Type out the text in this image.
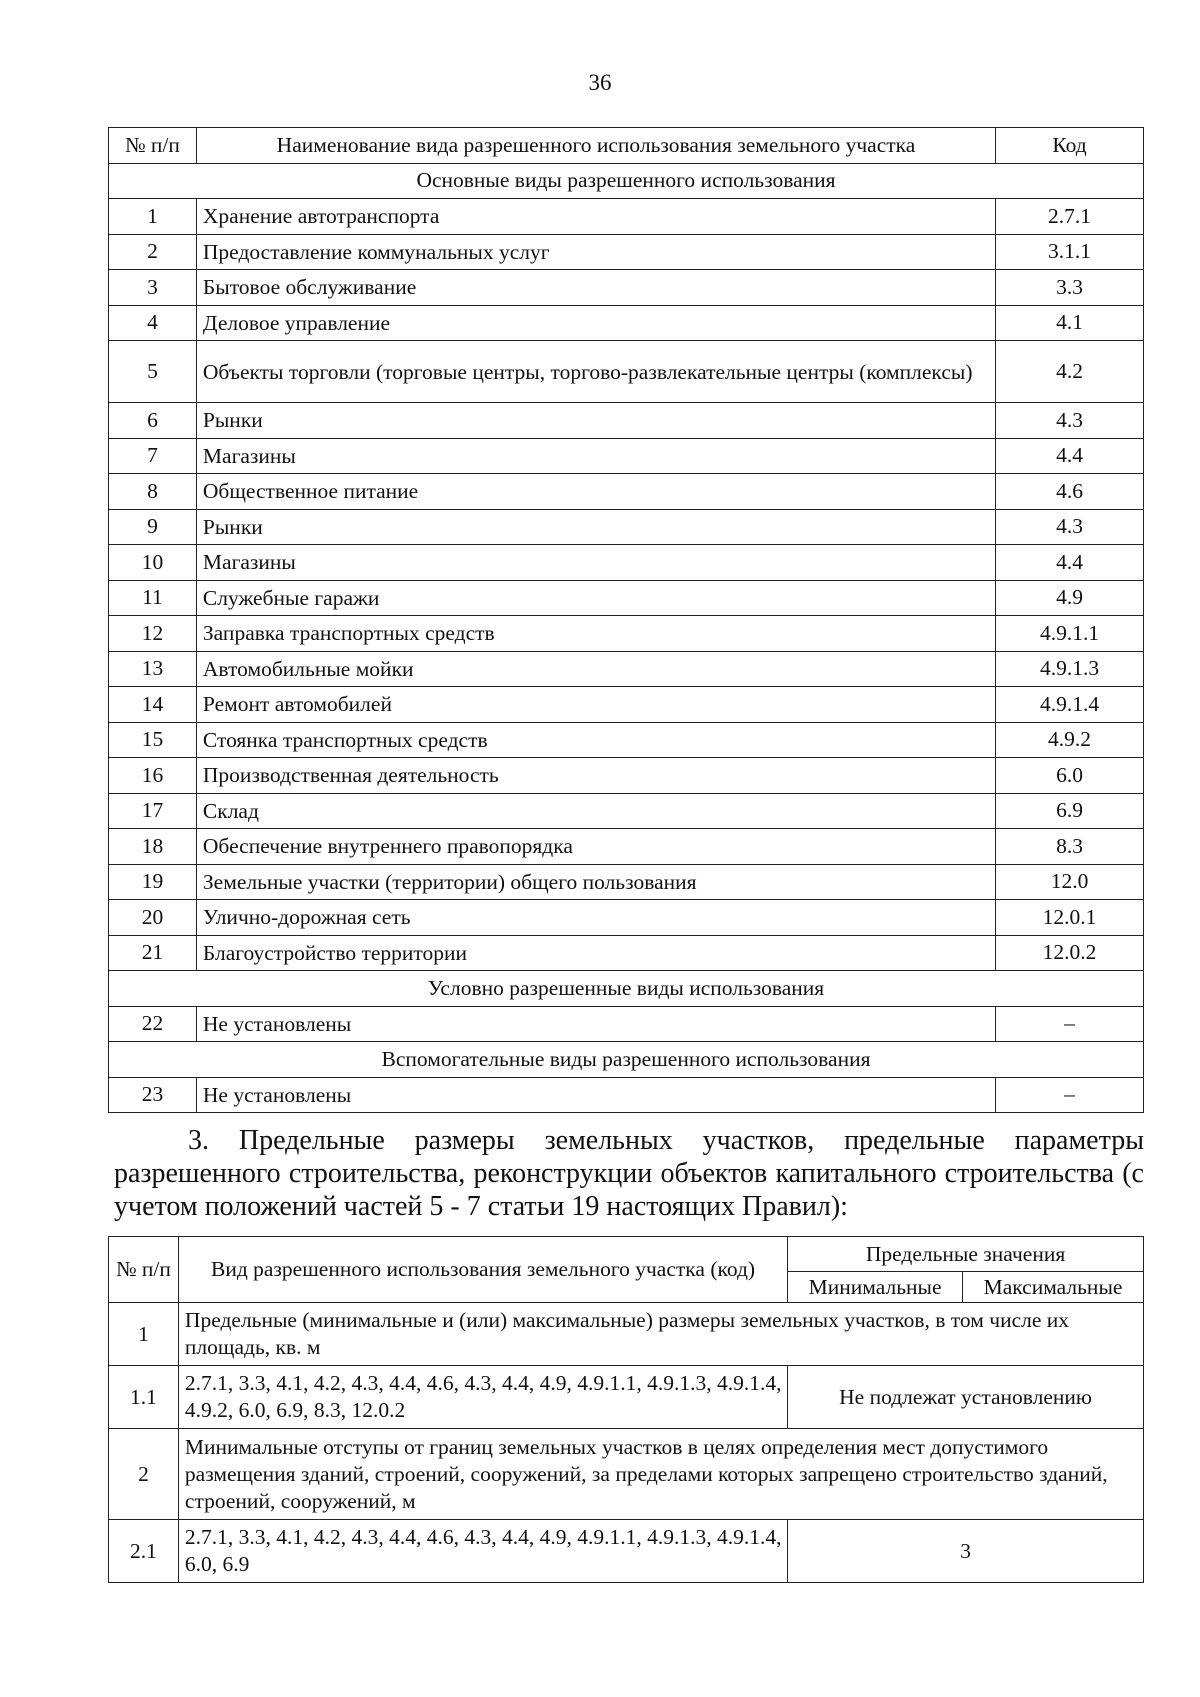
36
№ п/п	Наименование вида разрешенного использования земельного участка	Код
Основные виды разрешенного использования		
1	Хранение автотранспорта	2.7.1
2	Предоставление коммунальных услуг	3.1.1
3	Бытовое обслуживание	3.3
4	Деловое управление	4.1
5	Объекты торговли (торговые центры, торгово-развлекательные центры (комплексы)	4.2
6	Рынки	4.3
7	Магазины	4.4
8	Общественное питание	4.6
9	Рынки	4.3
10	Магазины	4.4
11	Служебные гаражи	4.9
12	Заправка транспортных средств	4.9.1.1
13	Автомобильные мойки	4.9.1.3
14	Ремонт автомобилей	4.9.1.4
15	Стоянка транспортных средств	4.9.2
16	Производственная деятельность	6.0
17	Склад	6.9
18	Обеспечение внутреннего правопорядка	8.3
19	Земельные участки (территории) общего пользования	12.0
20	Улично-дорожная сеть	12.0.1
21	Благоустройство территории	12.0.2
Условно разрешенные виды использования		
22	Не установлены	–
Вспомогательные виды разрешенного использования		
23	Не установлены	–
3. Предельные размеры земельных участков, предельные параметры разрешенного строительства, реконструкции объектов капитального строительства (с учетом положений частей 5 - 7 статьи 19 настоящих Правил):
№ п/п	Вид разрешенного использования земельного участка (код)	Предельные значения	
		Минимальные	Максимальные
1	Предельные (минимальные и (или) максимальные) размеры земельных участков, в том числе их площадь, кв. м		
1.1	2.7.1, 3.3, 4.1, 4.2, 4.3, 4.4, 4.6, 4.3, 4.4, 4.9, 4.9.1.1, 4.9.1.3, 4.9.1.4, 4.9.2, 6.0, 6.9, 8.3, 12.0.2	Не подлежат установлению	
2	Минимальные отступы от границ земельных участков в целях определения мест допустимого размещения зданий, строений, сооружений, за пределами которых запрещено строительство зданий, строений, сооружений, м		
2.1	2.7.1, 3.3, 4.1, 4.2, 4.3, 4.4, 4.6, 4.3, 4.4, 4.9, 4.9.1.1, 4.9.1.3, 4.9.1.4, 6.0, 6.9	3	
